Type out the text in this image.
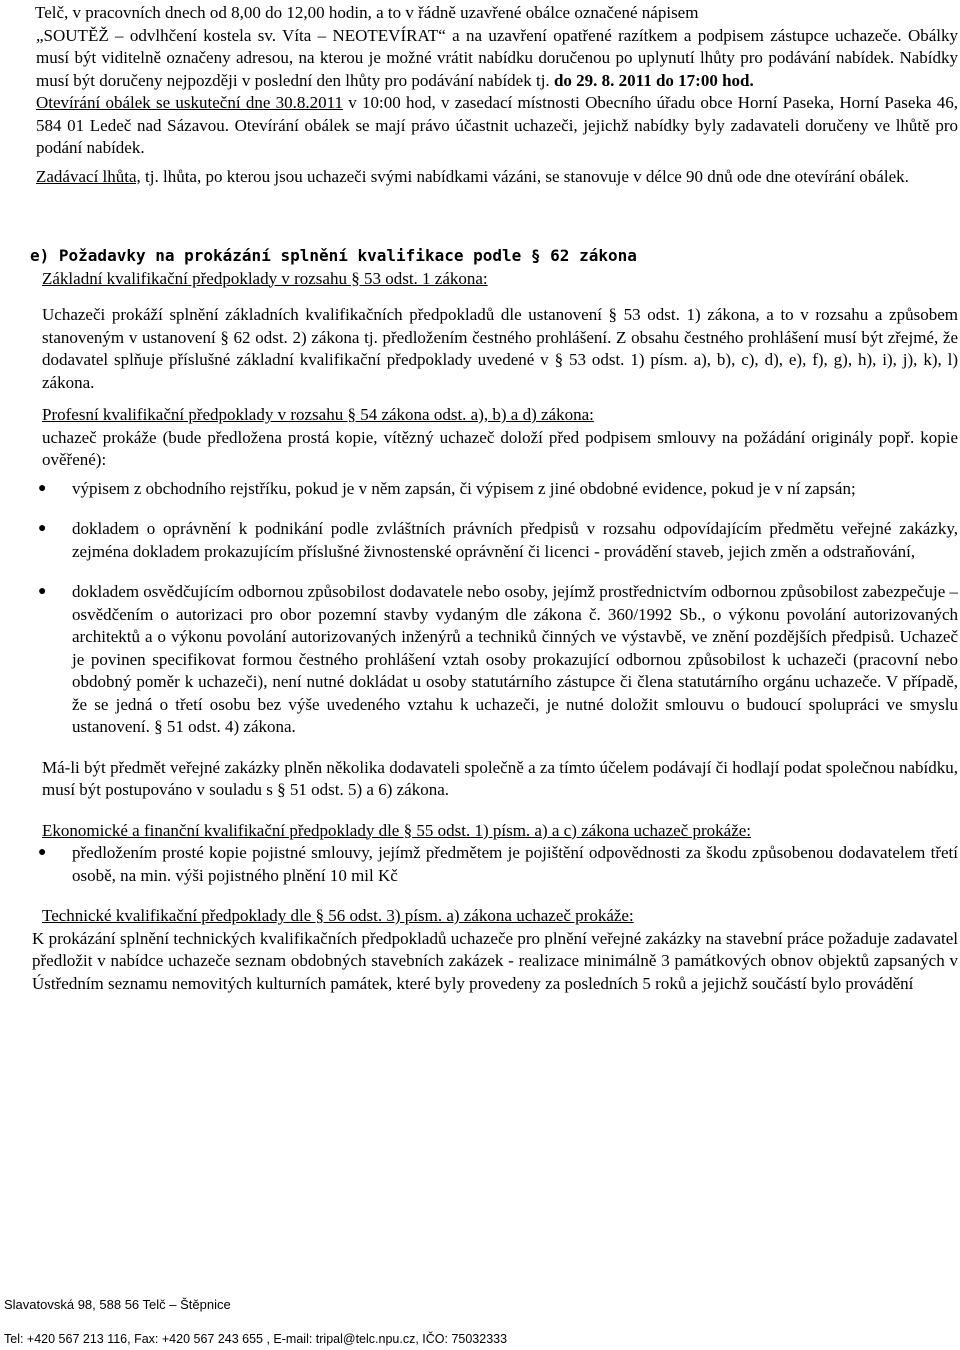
Telč, v pracovních dnech od 8,00 do 12,00 hodin, a to v řádně uzavřené obálce označené nápisem

„SOUTĚŽ – odvlhčení kostela sv. Víta – NEOTEVÍRAT“ a na uzavření opatřené razítkem a podpisem zástupce uchazeče. Obálky musí být viditelně označeny adresou, na kterou je možné vrátit nabídku doručenou po uplynutí lhůty pro podávání nabídek. Nabídky musí být doručeny nejpozději v poslední den lhůty pro podávání nabídek tj. do 29. 8. 2011 do 17:00 hod.

Otevírání obálek se uskuteční dne 30.8.2011 v 10:00 hod, v zasedací místnosti Obecního úřadu obce Horní Paseka, Horní Paseka 46, 584 01 Ledeč nad Sázavou. Otevírání obálek se mají právo účastnit uchazeči, jejichž nabídky byly zadavateli doručeny ve lhůtě pro podání nabídek.

Zadávací lhůta, tj. lhůta, po kterou jsou uchazeči svými nabídkami vázáni, se stanovuje v délce 90 dnů ode dne otevírání obálek.

e) Požadavky na prokázání splnění kvalifikace podle § 62 zákona

Základní kvalifikační předpoklady v rozsahu § 53 odst. 1 zákona:

Uchazeči prokáží splnění základních kvalifikačních předpokladů dle ustanovení § 53 odst. 1) zákona, a to v rozsahu a způsobem stanoveným v ustanovení § 62 odst. 2) zákona tj. předložením čestného prohlášení. Z obsahu čestného prohlášení musí být zřejmé, že dodavatel splňuje příslušné základní kvalifikační předpoklady uvedené v § 53 odst. 1) písm. a), b), c), d), e), f), g), h), i), j), k), l) zákona.

Profesní kvalifikační předpoklady v rozsahu § 54 zákona odst. a), b) a d) zákona:

uchazeč prokáže (bude předložena prostá kopie, vítězný uchazeč doloží před podpisem smlouvy na požádání originály popř. kopie ověřené):

● výpisem z obchodního rejstříku, pokud je v něm zapsán, či výpisem z jiné obdobné evidence, pokud je v ní zapsán;
● dokladem o oprávnění k podnikání podle zvláštních právních předpisů v rozsahu odpovídajícím předmětu veřejné zakázky, zejména dokladem prokazujícím příslušné živnostenské oprávnění či licenci - provádění staveb, jejich změn a odstraňování,
● dokladem osvědčujícím odbornou způsobilost dodavatele nebo osoby, jejímž prostřednictvím odbornou způsobilost zabezpečuje – osvědčením o autorizaci pro obor pozemní stavby vydaným dle zákona č. 360/1992 Sb., o výkonu povolání autorizovaných architektů a o výkonu povolání autorizovaných inženýrů a techniků činných ve výstavbě, ve znění pozdějších předpisů. Uchazeč je povinen specifikovat formou čestného prohlášení vztah osoby prokazující odbornou způsobilost k uchazeči (pracovní nebo obdobný poměr k uchazeči), není nutné dokládat u osoby statutárního zástupce či člena statutárního orgánu uchazeče. V případě, že se jedná o třetí osobu bez výše uvedeného vztahu k uchazeči, je nutné doložit smlouvu o budoucí spolupráci ve smyslu ustanovení. § 51 odst. 4) zákona.

Má-li být předmět veřejné zakázky plněn několika dodavateli společně a za tímto účelem podávají či hodlají podat společnou nabídku, musí být postupováno v souladu s § 51 odst. 5) a 6) zákona.

Ekonomické a finanční kvalifikační předpoklady dle § 55 odst. 1) písm. a) a c) zákona uchazeč prokáže:

● předložením prosté kopie pojistné smlouvy, jejímž předmětem je pojištění odpovědnosti za škodu způsobenou dodavatelem třetí osobě, na min. výši pojistného plnění 10 mil Kč

Technické kvalifikační předpoklady dle § 56 odst. 3) písm. a) zákona uchazeč prokáže:

K prokázání splnění technických kvalifikačních předpokladů uchazeče pro plnění veřejné zakázky na stavební práce požaduje zadavatel předložit v nabídce uchazeče seznam obdobných stavebních zakázek - realizace minimálně 3 památkových obnov objektů zapsaných v Ústředním seznamu nemovitých kulturních památek, které byly provedeny za posledních 5 roků a jejichž součástí bylo provádění

Slavatovská 98, 588 56 Telč – Štěpnice
Tel: +420 567 213 116, Fax: +420 567 243 655 , E-mail: tripal@telc.npu.cz, IČO: 75032333
